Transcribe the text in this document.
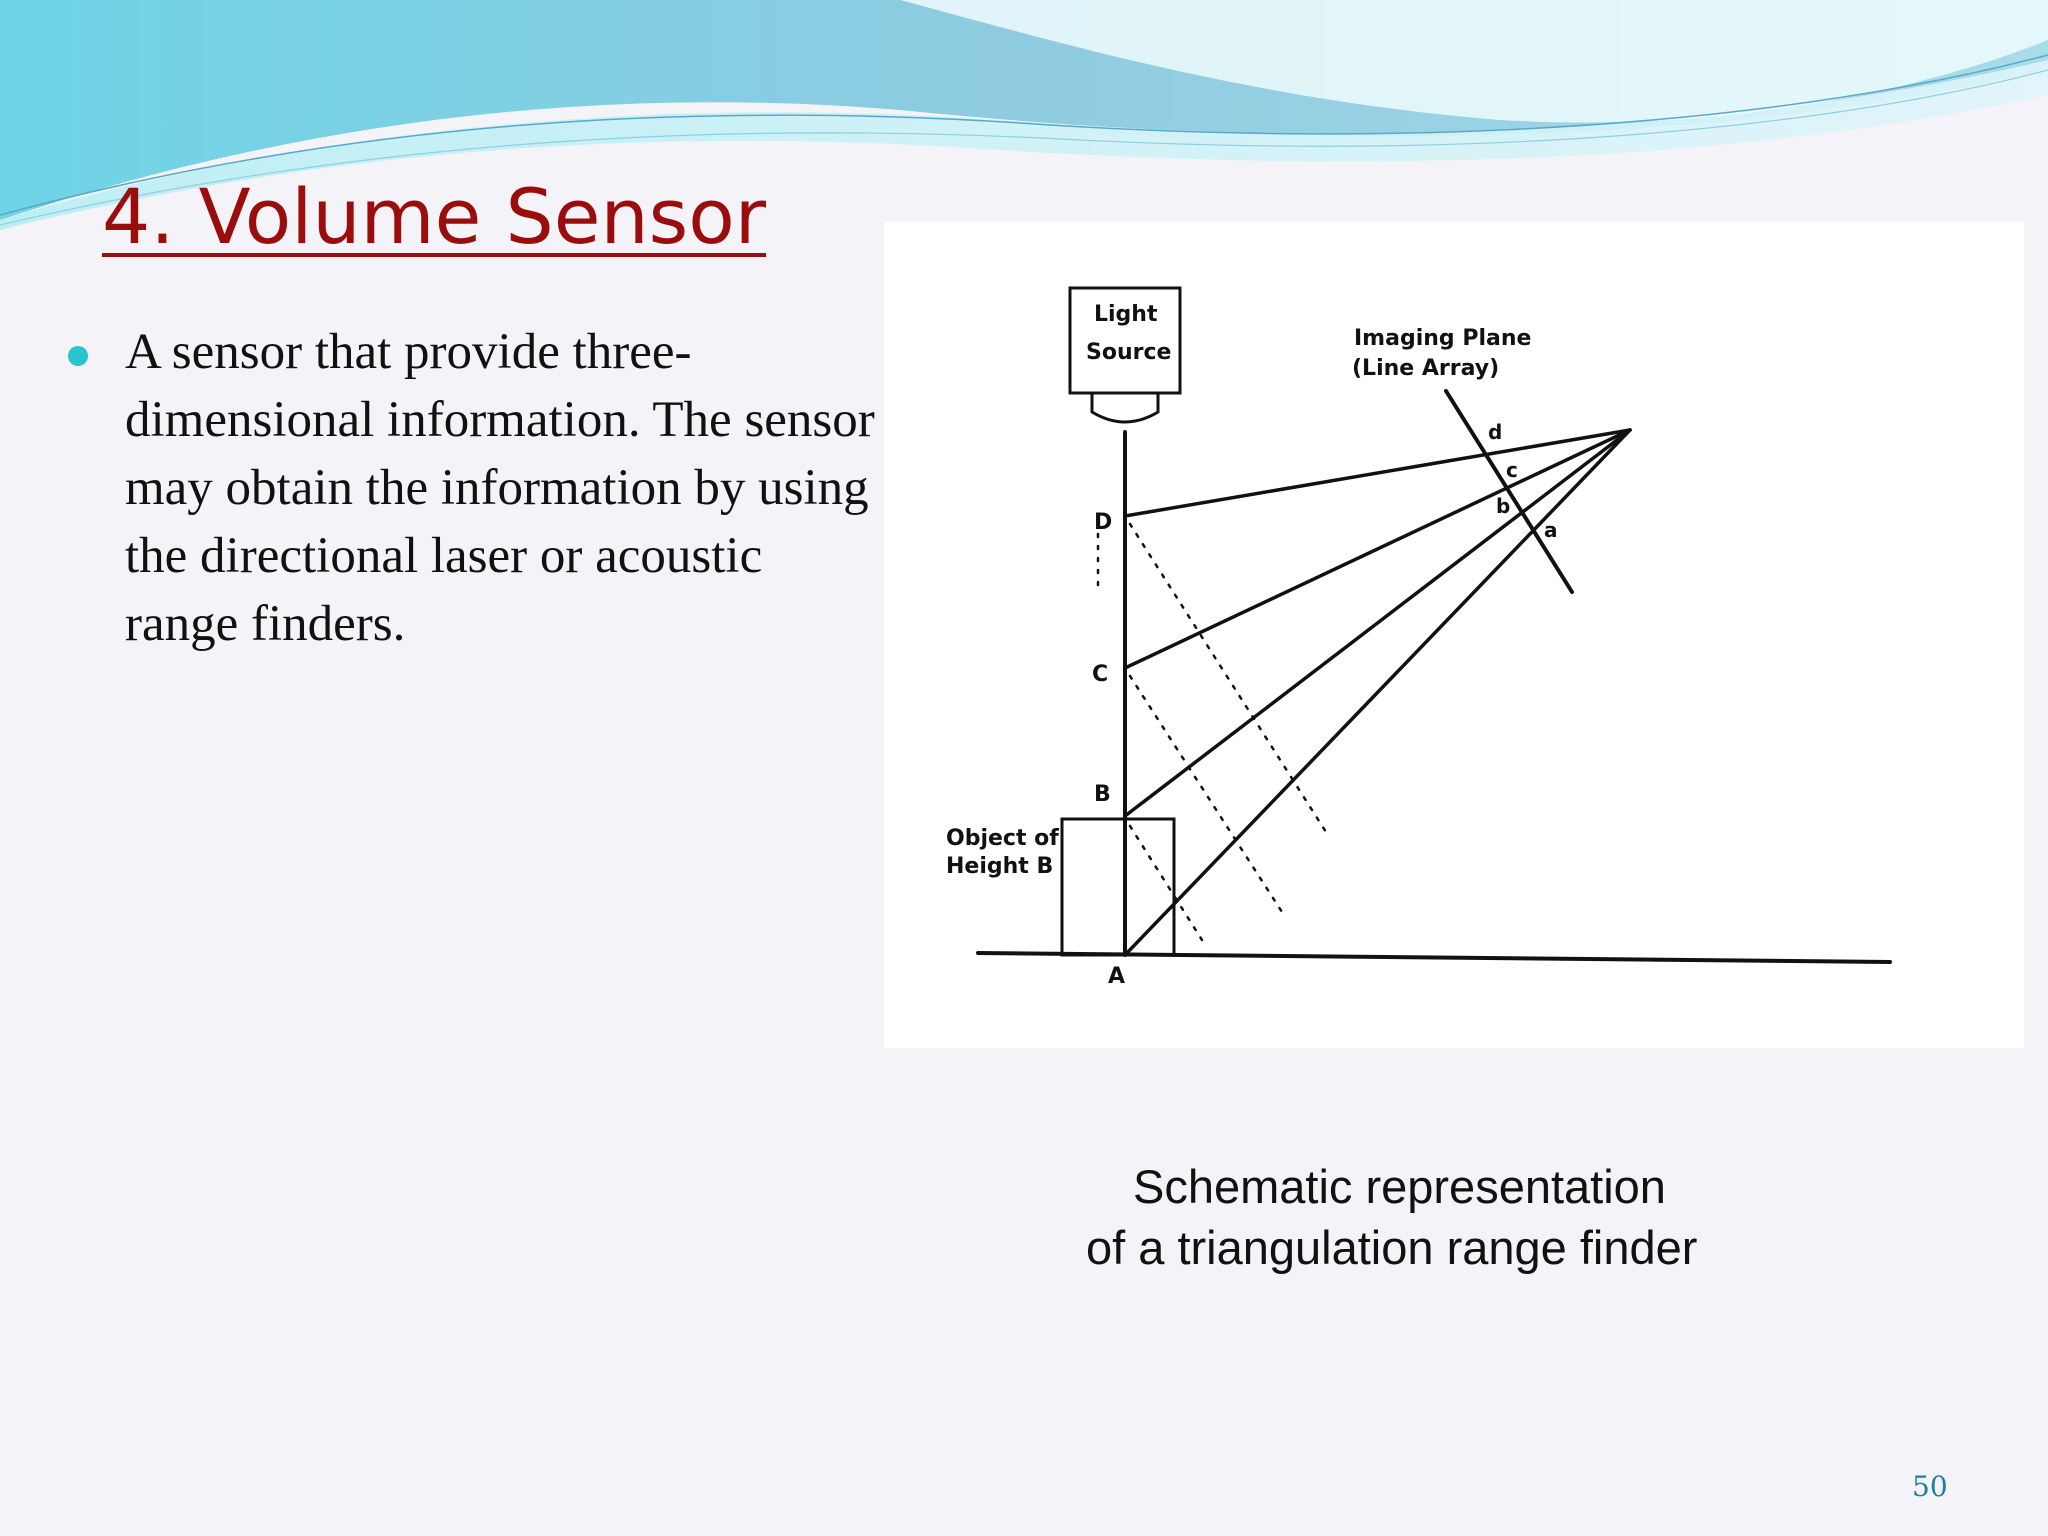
4. Volume Sensor
A sensor that provide three-dimensional information. The sensor may obtain the information by using the directional laser or acoustic range finders.
Light
Source
Imaging Plane
(Line Array)
Object of
Height B
D
C
B
A
d
c
b
a
Schematic representation
of a triangulation range finder
50
